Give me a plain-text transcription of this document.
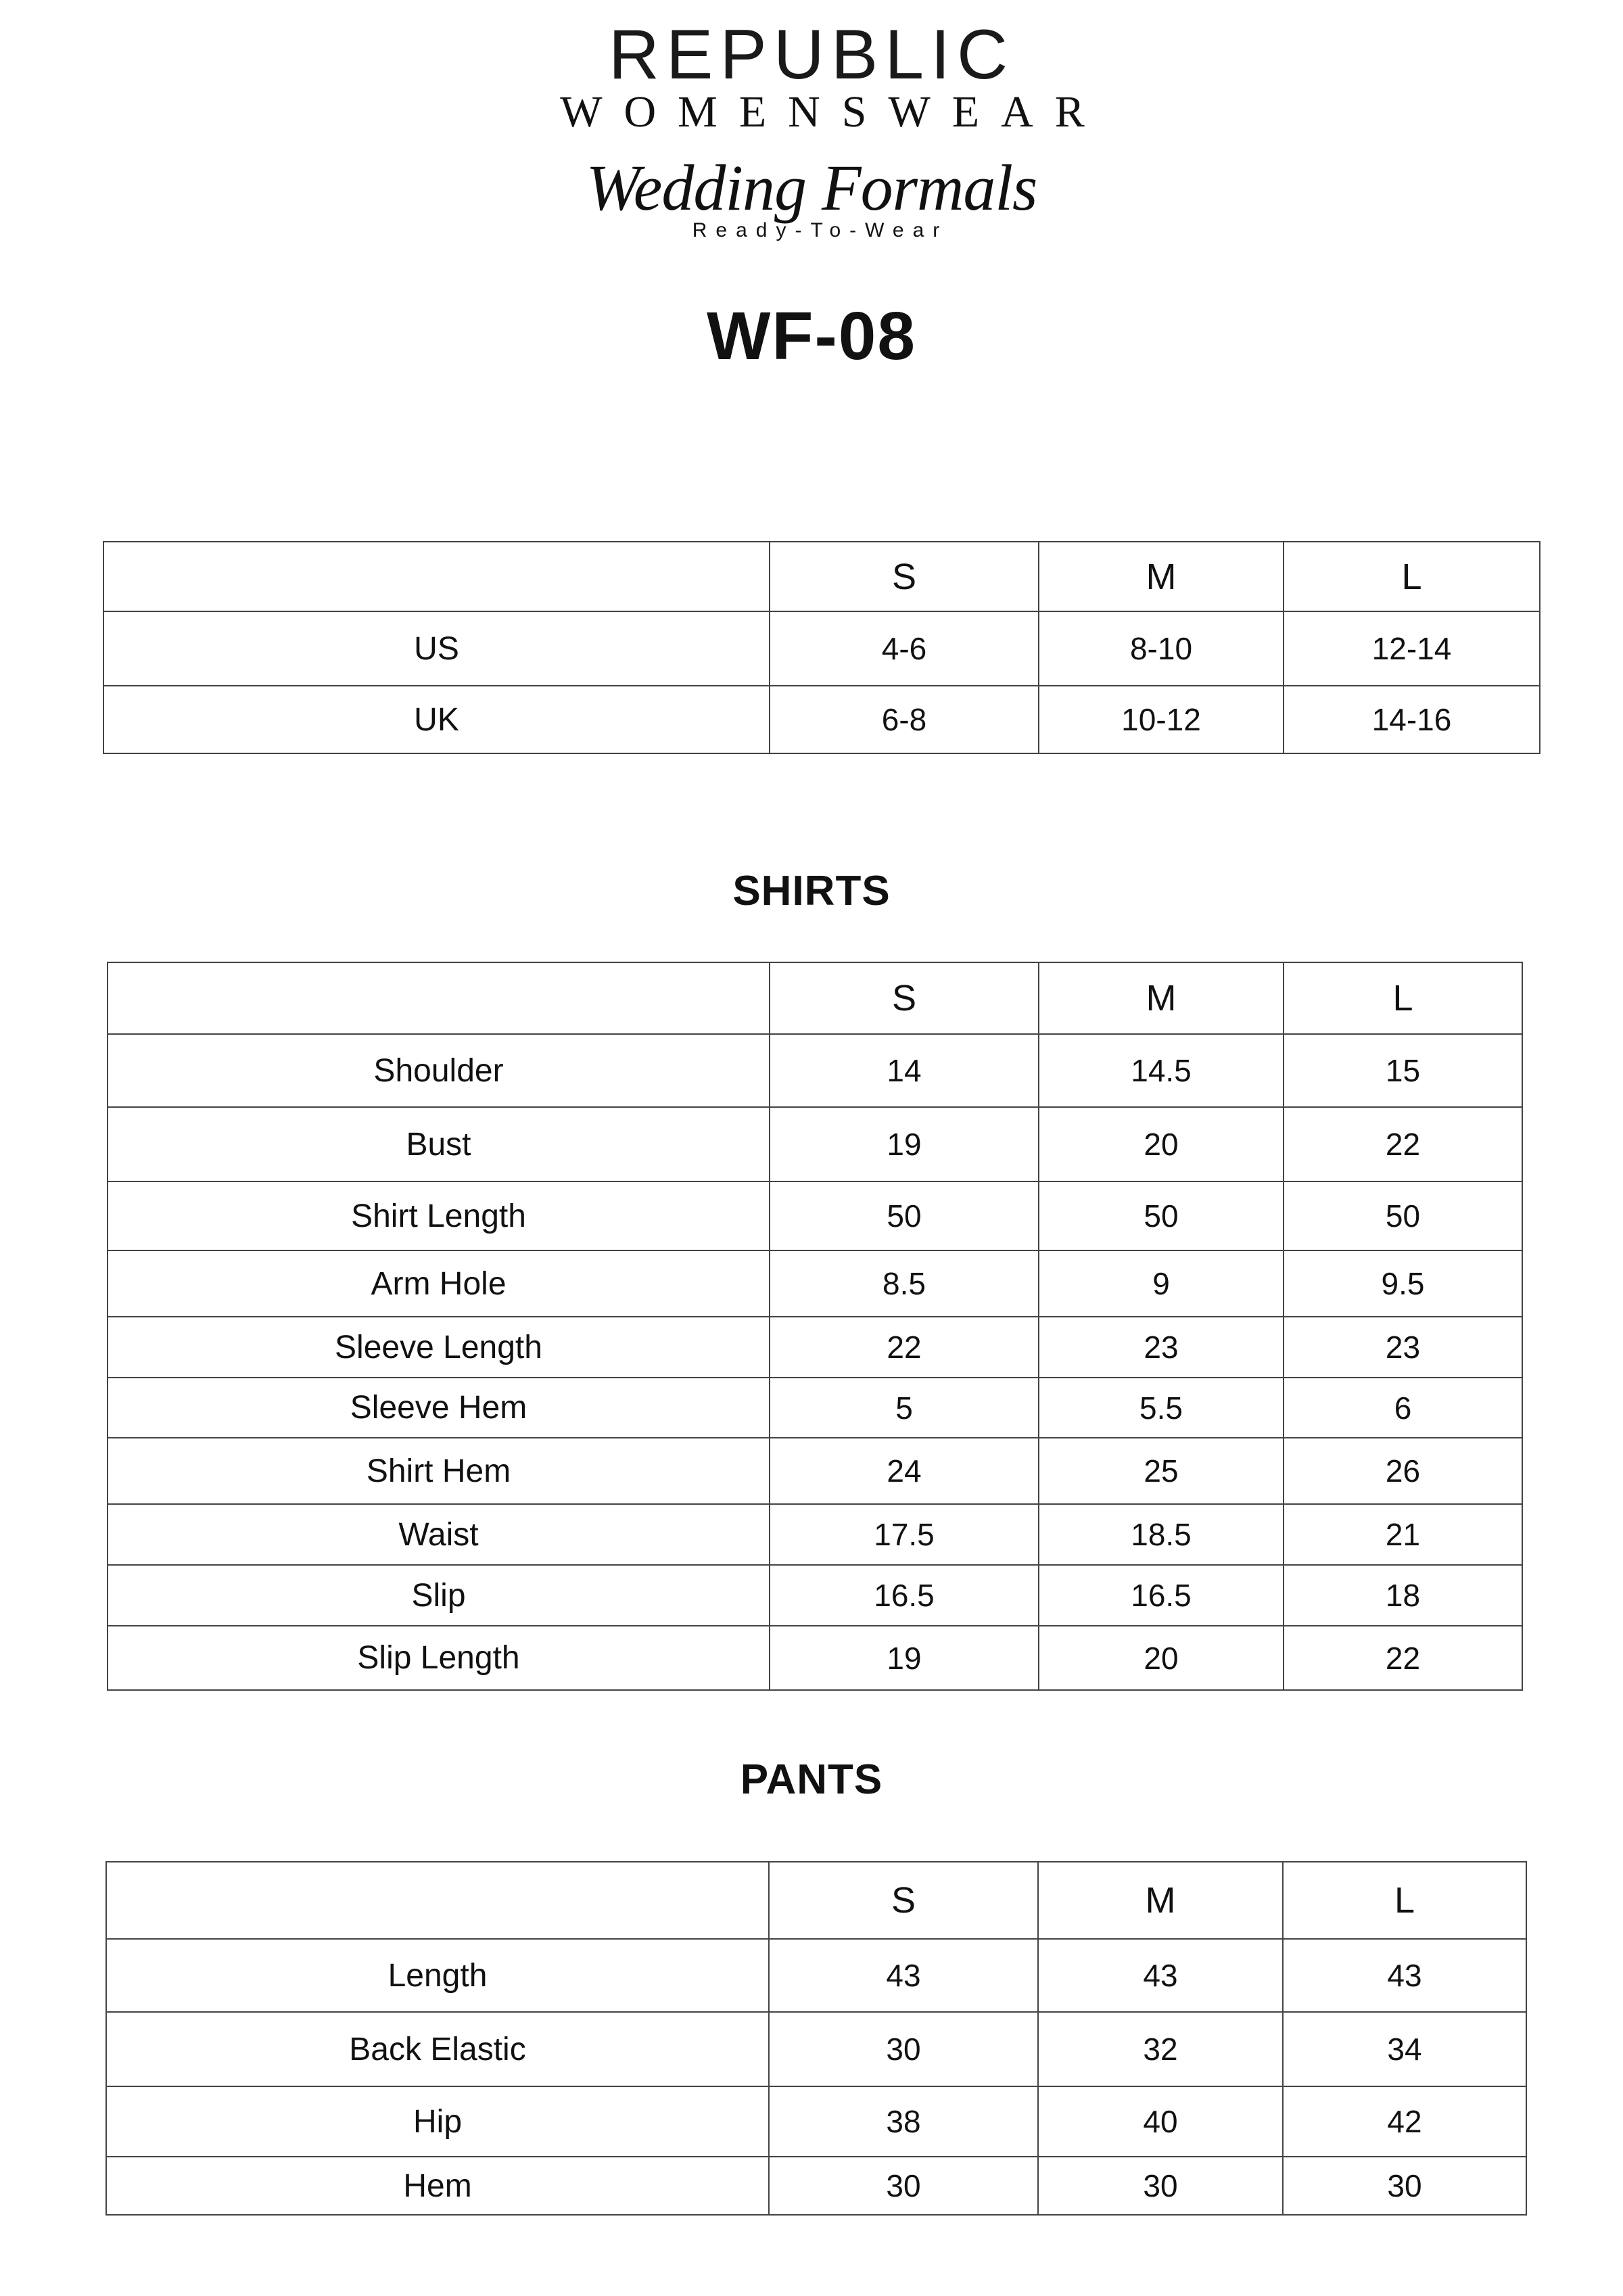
REPUBLIC
WOMENSWEAR
Wedding Formals
Ready-To-Wear
WF-08
	S	M	L
US	4-6	8-10	12-14
UK	6-8	10-12	14-16
SHIRTS
	S	M	L
Shoulder	14	14.5	15
Bust	19	20	22
Shirt Length	50	50	50
Arm Hole	8.5	9	9.5
Sleeve Length	22	23	23
Sleeve Hem	5	5.5	6
Shirt Hem	24	25	26
Waist	17.5	18.5	21
Slip	16.5	16.5	18
Slip Length	19	20	22
PANTS
	S	M	L
Length	43	43	43
Back Elastic	30	32	34
Hip	38	40	42
Hem	30	30	30
